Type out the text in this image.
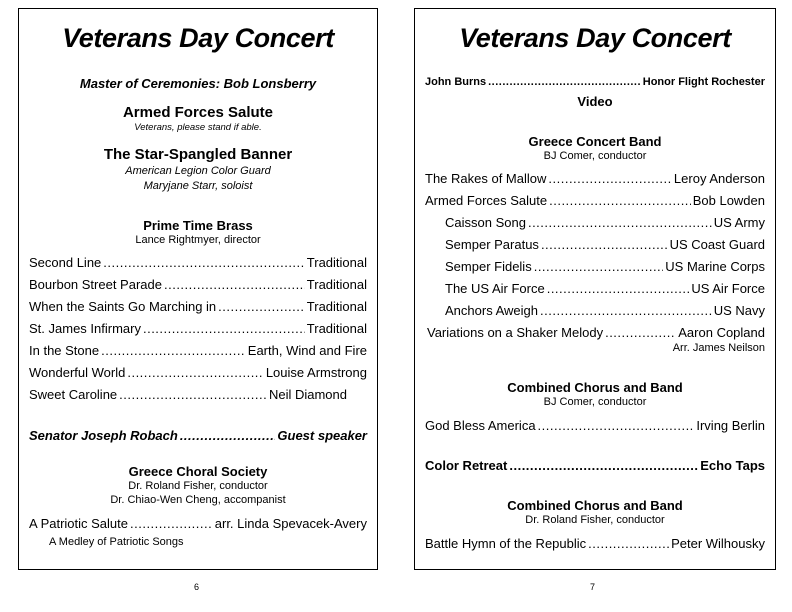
Veterans Day Concert
Master of Ceremonies: Bob Lonsberry
Armed Forces Salute
Veterans, please stand if able.
The Star-Spangled Banner
American Legion Color Guard
Maryjane Starr, soloist
Prime Time Brass
Lance Rightmyer, director
Second Line .....	Traditional
Bourbon Street Parade .....	Traditional
When the Saints Go Marching in .....	Traditional
St. James Infirmary .....	Traditional
In the Stone .....	Earth, Wind and Fire
Wonderful World .....	Louise Armstrong
Sweet Caroline .....	Neil Diamond
Senator Joseph Robach .....	Guest speaker
Greece Choral Society
Dr. Roland Fisher, conductor
Dr. Chiao-Wen Cheng, accompanist
A Patriotic Salute .....	arr. Linda Spevacek-Avery
A Medley of Patriotic Songs
6
Veterans Day Concert
John Burns .....	Honor Flight Rochester
Video
Greece Concert Band
BJ Comer, conductor
The Rakes of Mallow .....	Leroy Anderson
Armed Forces Salute .....	Bob Lowden
Caisson Song .....	US Army
Semper Paratus .....	US Coast Guard
Semper Fidelis .....	US Marine Corps
The US Air Force .....	US Air Force
Anchors Aweigh .....	US Navy
Variations on a Shaker Melody .....	Aaron Copland
Arr. James Neilson
Combined Chorus and Band
BJ Comer, conductor
God Bless America .....	Irving Berlin
Color Retreat .....	Echo Taps
Combined Chorus and Band
Dr. Roland Fisher, conductor
Battle Hymn of the Republic .....	Peter Wilhousky
7
